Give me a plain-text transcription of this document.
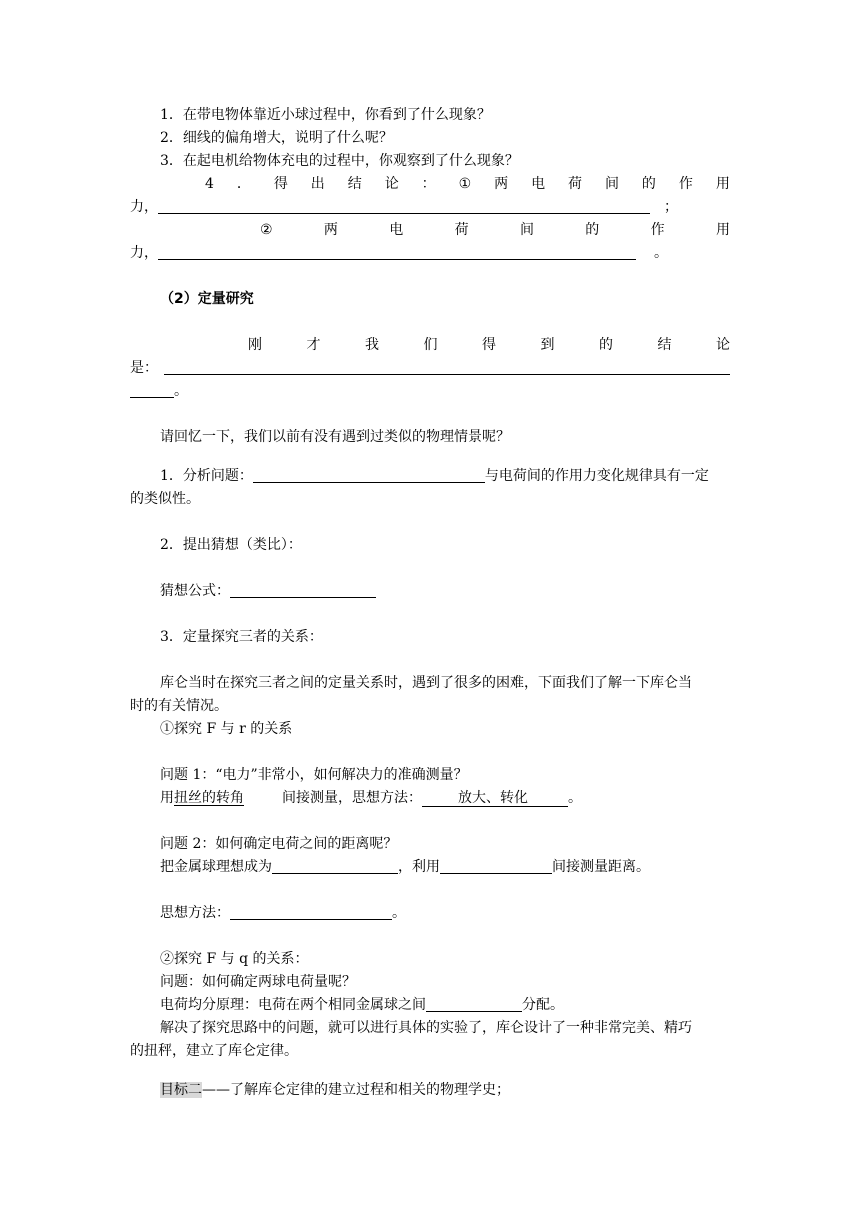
1．在带电物体靠近小球过程中，你看到了什么现象？
2．细线的偏角增大，说明了什么呢？
3．在起电机给物体充电的过程中，你观察到了什么现象？
4 ． 得 出 结 论 ： ① 两 电 荷 间 的 作 用
力，	；
②	两	电	荷	间	的	作	用
力，	。
（2）定量研究
刚	才	我	们	得	到	的	结	论
是：
。
请回忆一下，我们以前有没有遇到过类似的物理情景呢？
1．分析问题：	与电荷间的作用力变化规律具有一定
的类似性。
2．提出猜想（类比）：
猜想公式：
3．定量探究三者的关系：
库仑当时在探究三者之间的定量关系时，遇到了很多的困难，下面我们了解一下库仑当
时的有关情况。
①探究 F 与 r 的关系
问题 1：“电力”非常小，如何解决力的准确测量？
用扭丝的转角	间接测量，思想方法：	放大、转化	。
问题 2：如何确定电荷之间的距离呢？
把金属球理想成为	，利用	间接测量距离。
思想方法：	。
②探究 F 与 q 的关系：
问题：如何确定两球电荷量呢？
电荷均分原理：电荷在两个相同金属球之间	分配。
解决了探究思路中的问题，就可以进行具体的实验了，库仑设计了一种非常完美、精巧
的扭秤，建立了库仑定律。
目标二——了解库仑定律的建立过程和相关的物理学史；
